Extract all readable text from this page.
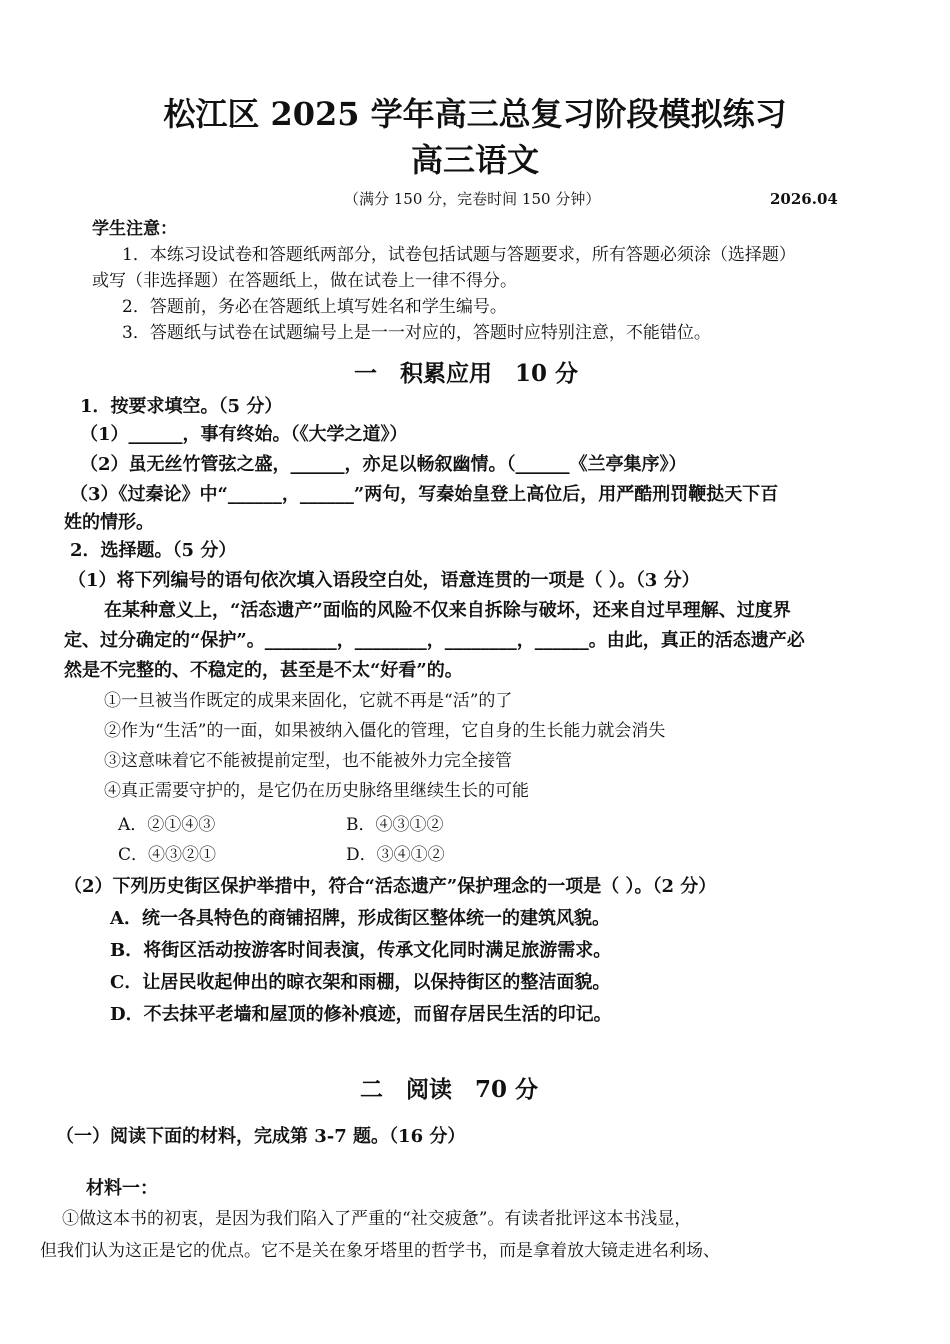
松江区 2025 学年高三总复习阶段模拟练习
高三语文
（满分 150 分，完卷时间 150 分钟）	2026.04
学生注意：
1．本练习设试卷和答题纸两部分，试卷包括试题与答题要求，所有答题必须涂（选择题）
或写（非选择题）在答题纸上，做在试卷上一律不得分。
2．答题前，务必在答题纸上填写姓名和学生编号。
3．答题纸与试卷在试题编号上是一一对应的，答题时应特别注意，不能错位。
一　积累应用　10 分
1．按要求填空。（5 分）
（1）______，事有终始。（《大学之道》）
（2）虽无丝竹管弦之盛，______，亦足以畅叙幽情。（______《兰亭集序》）
（3）《过秦论》中“______，______”两句，写秦始皇登上高位后，用严酷刑罚鞭挞天下百
姓的情形。
2．选择题。（5 分）
（1）将下列编号的语句依次填入语段空白处，语意连贯的一项是（ ）。（3 分）
在某种意义上，“活态遗产”面临的风险不仅来自拆除与破坏，还来自过早理解、过度界
定、过分确定的“保护”。________，________，________，______。由此，真正的活态遗产必
然是不完整的、不稳定的，甚至是不太“好看”的。
①一旦被当作既定的成果来固化，它就不再是“活”的了
②作为“生活”的一面，如果被纳入僵化的管理，它自身的生长能力就会消失
③这意味着它不能被提前定型，也不能被外力完全接管
④真正需要守护的，是它仍在历史脉络里继续生长的可能
A．②①④③	B．④③①②
C．④③②①	D．③④①②
（2）下列历史街区保护举措中，符合“活态遗产”保护理念的一项是（ ）。（2 分）
A．统一各具特色的商铺招牌，形成街区整体统一的建筑风貌。
B．将街区活动按游客时间表演，传承文化同时满足旅游需求。
C．让居民收起伸出的晾衣架和雨棚，以保持街区的整洁面貌。
D．不去抹平老墙和屋顶的修补痕迹，而留存居民生活的印记。
二　阅读　70 分
（一）阅读下面的材料，完成第 3-7 题。（16 分）
材料一：
①做这本书的初衷，是因为我们陷入了严重的“社交疲惫”。有读者批评这本书浅显，
但我们认为这正是它的优点。它不是关在象牙塔里的哲学书，而是拿着放大镜走进名利场、
